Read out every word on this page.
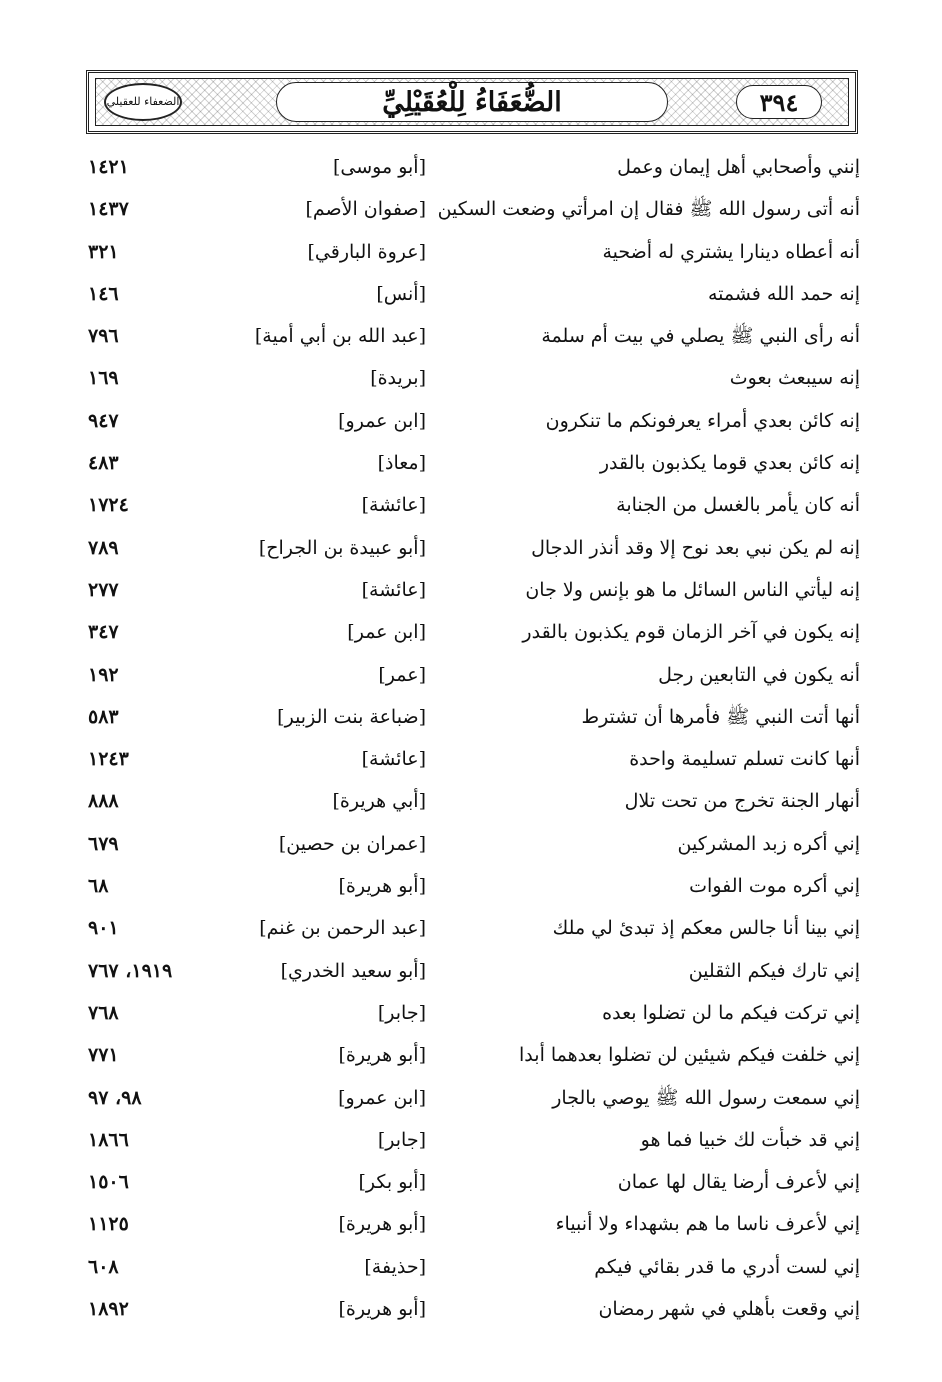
الضعفاء للعقيلي	الضُّعَفَاءُ لِلْعُقَيْلِيِّ	٣٩٤
إنني وأصحابي أهل إيمان وعمل
[أبو موسى]
١٤٢١
أنه أتى رسول الله ﷺ فقال إن امرأتي وضعت السكين
[صفوان الأصم]
١٤٣٧
أنه أعطاه دينارا يشتري له أضحية
[عروة البارقي]
٣٢١
إنه حمد الله فشمته
[أنس]
١٤٦
أنه رأى النبي ﷺ يصلي في بيت أم سلمة
[عبد الله بن أبي أمية]
٧٩٦
إنه سيبعث بعوث
[بريدة]
١٦٩
إنه كائن بعدي أمراء يعرفونكم ما تنكرون
[ابن عمرو]
٩٤٧
إنه كائن بعدي قوما يكذبون بالقدر
[معاذ]
٤٨٣
أنه كان يأمر بالغسل من الجنابة
[عائشة]
١٧٢٤
إنه لم يكن نبي بعد نوح إلا وقد أنذر الدجال
[أبو عبيدة بن الجراح]
٧٨٩
إنه ليأتي الناس السائل ما هو بإنس ولا جان
[عائشة]
٢٧٧
إنه يكون في آخر الزمان قوم يكذبون بالقدر
[ابن عمر]
٣٤٧
أنه يكون في التابعين رجل
[عمر]
١٩٢
أنها أتت النبي ﷺ فأمرها أن تشترط
[ضباعة بنت الزبير]
٥٨٣
أنها كانت تسلم تسليمة واحدة
[عائشة]
١٢٤٣
أنهار الجنة تخرج من تحت تلال
[أبي هريرة]
٨٨٨
إني أكره زبد المشركين
[عمران بن حصين]
٦٧٩
إني أكره موت الفوات
[أبو هريرة]
٦٨
إني بينا أنا جالس معكم إذ تبدئ لي ملك
[عبد الرحمن بن غنم]
٩٠١
إني تارك فيكم الثقلين
[أبو سعيد الخدري]
١٩١٩، ٧٦٧
إني تركت فيكم ما لن تضلوا بعده
[جابر]
٧٦٨
إني خلفت فيكم شيئين لن تضلوا بعدهما أبدا
[أبو هريرة]
٧٧١
إني سمعت رسول الله ﷺ يوصي بالجار
[ابن عمرو]
٩٨، ٩٧
إني قد خبأت لك خبيا فما هو
[جابر]
١٨٦٦
إني لأعرف أرضا يقال لها عمان
[أبو بكر]
١٥٠٦
إني لأعرف ناسا ما هم بشهداء ولا أنبياء
[أبو هريرة]
١١٢٥
إني لست أدري ما قدر بقائي فيكم
[حذيفة]
٦٠٨
إني وقعت بأهلي في شهر رمضان
[أبو هريرة]
١٨٩٢
